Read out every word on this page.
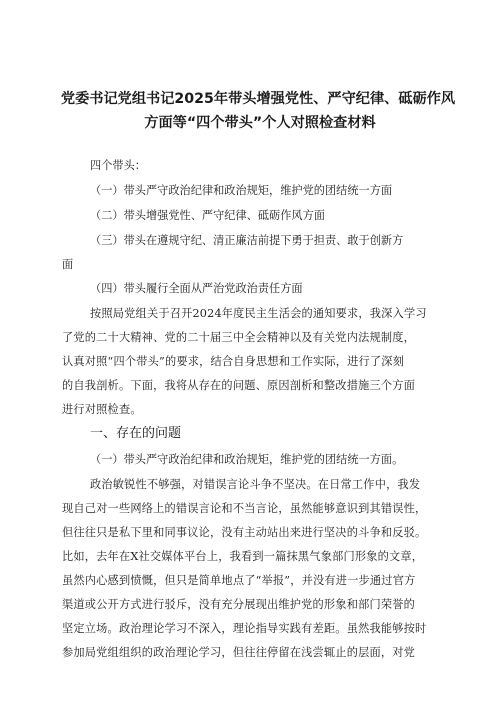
党委书记党组书记2025年带头增强党性、严守纪律、砥砺作风
方面等“四个带头”个人对照检查材料
四个带头：
（一）带头严守政治纪律和政治规矩，维护党的团结统一方面
（二）带头增强党性、严守纪律、砥砺作风方面
（三）带头在遵规守纪、清正廉洁前提下勇于担责、敢于创新方
面
（四）带头履行全面从严治党政治责任方面
按照局党组关于召开2024年度民主生活会的通知要求，我深入学习
了党的二十大精神、党的二十届三中全会精神以及有关党内法规制度，
认真对照“四个带头”的要求，结合自身思想和工作实际，进行了深刻
的自我剖析。下面，我将从存在的问题、原因剖析和整改措施三个方面
进行对照检查。
一、存在的问题
（一）带头严守政治纪律和政治规矩，维护党的团结统一方面。
政治敏锐性不够强，对错误言论斗争不坚决。在日常工作中，我发
现自己对一些网络上的错误言论和不当言论，虽然能够意识到其错误性，
但往往只是私下里和同事议论，没有主动站出来进行坚决的斗争和反驳。
比如，去年在X社交媒体平台上，我看到一篇抹黑气象部门形象的文章，
虽然内心感到愤慨，但只是简单地点了“举报”，并没有进一步通过官方
渠道或公开方式进行驳斥，没有充分展现出维护党的形象和部门荣誉的
坚定立场。政治理论学习不深入，理论指导实践有差距。虽然我能够按时
参加局党组组织的政治理论学习，但往往停留在浅尝辄止的层面，对党
